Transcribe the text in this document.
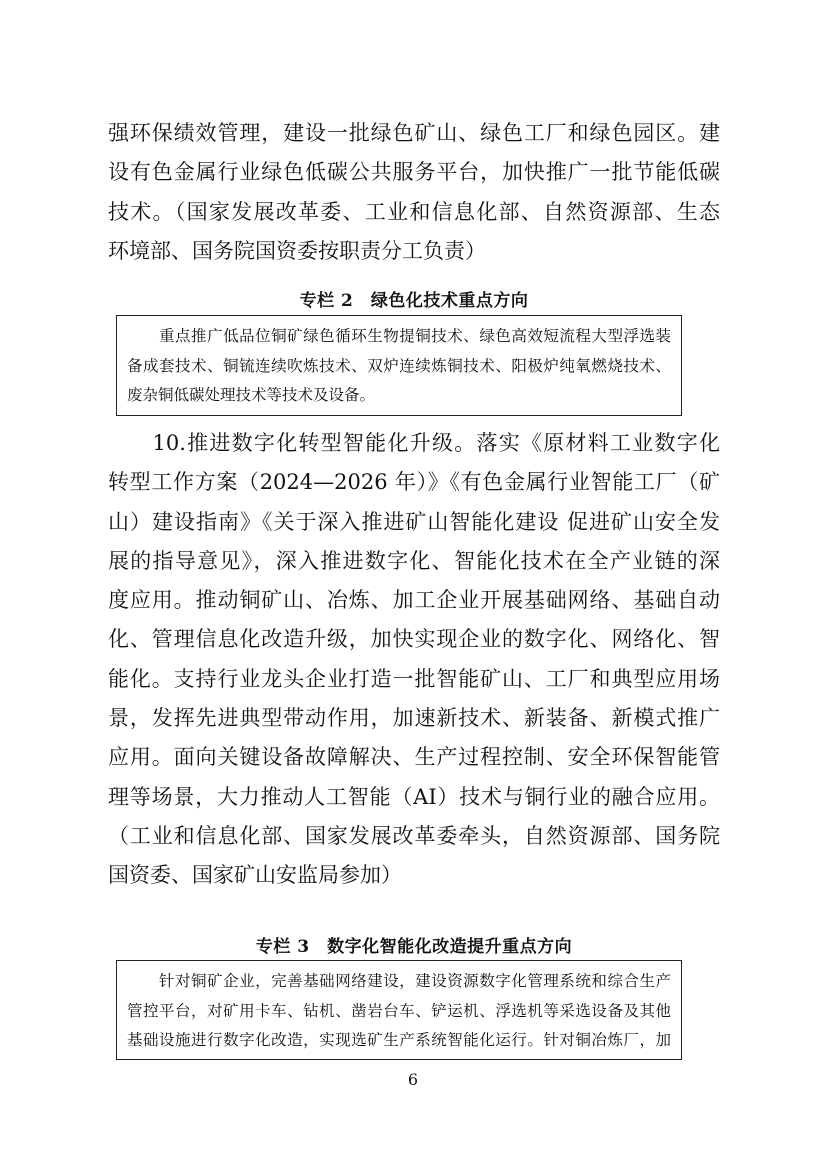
强环保绩效管理，建设一批绿色矿山、绿色工厂和绿色园区。建
设有色金属行业绿色低碳公共服务平台，加快推广一批节能低碳
技术。（国家发展改革委、工业和信息化部、自然资源部、生态
环境部、国务院国资委按职责分工负责）
专栏 2　绿色化技术重点方向
　　重点推广低品位铜矿绿色循环生物提铜技术、绿色高效短流程大型浮选装
备成套技术、铜锍连续吹炼技术、双炉连续炼铜技术、阳极炉纯氧燃烧技术、
废杂铜低碳处理技术等技术及设备。
　　10.推进数字化转型智能化升级。落实《原材料工业数字化
转型工作方案（2024—2026 年）》《有色金属行业智能工厂（矿
山）建设指南》《关于深入推进矿山智能化建设 促进矿山安全发
展的指导意见》，深入推进数字化、智能化技术在全产业链的深
度应用。推动铜矿山、冶炼、加工企业开展基础网络、基础自动
化、管理信息化改造升级，加快实现企业的数字化、网络化、智
能化。支持行业龙头企业打造一批智能矿山、工厂和典型应用场
景，发挥先进典型带动作用，加速新技术、新装备、新模式推广
应用。面向关键设备故障解决、生产过程控制、安全环保智能管
理等场景，大力推动人工智能（AI）技术与铜行业的融合应用。
（工业和信息化部、国家发展改革委牵头，自然资源部、国务院
国资委、国家矿山安监局参加）
专栏 3　数字化智能化改造提升重点方向
　　针对铜矿企业，完善基础网络建设，建设资源数字化管理系统和综合生产
管控平台，对矿用卡车、钻机、凿岩台车、铲运机、浮选机等采选设备及其他
基础设施进行数字化改造，实现选矿生产系统智能化运行。针对铜冶炼厂，加
6
